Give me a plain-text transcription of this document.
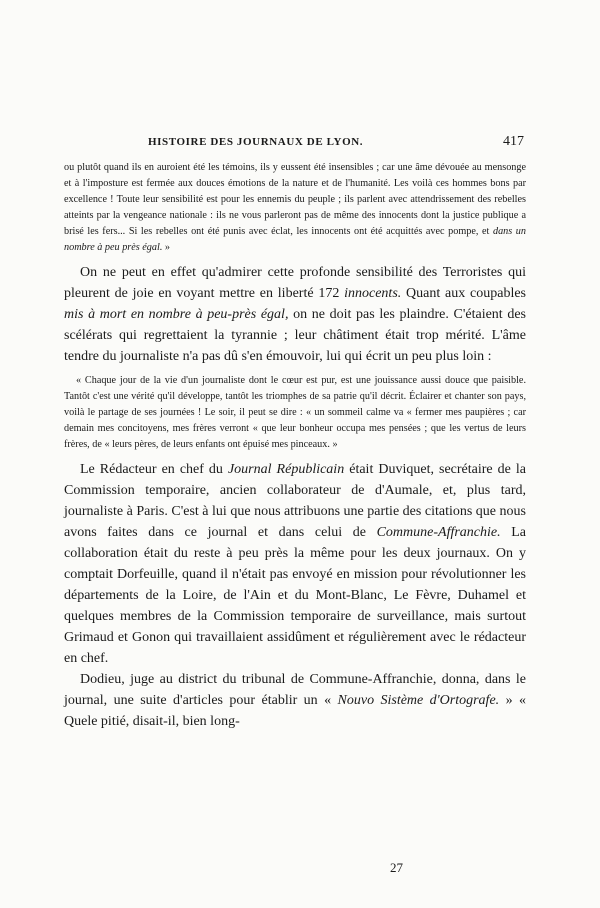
HISTOIRE DES JOURNAUX DE LYON.	417

ou plutôt quand ils en auroient été les témoins, ils y eussent été insensibles ; car une âme dévouée au mensonge et à l'imposture est fermée aux douces émotions de la nature et de l'humanité. Les voilà ces hommes bons par excellence ! Toute leur sensibilité est pour les ennemis du peuple ; ils parlent avec attendrissement des rebelles atteints par la vengeance nationale : ils ne vous parleront pas de même des innocents dont la justice publique a brisé les fers... Si les rebelles ont été punis avec éclat, les innocents ont été acquittés avec pompe, et dans un nombre à peu près égal. »

On ne peut en effet qu'admirer cette profonde sensibilité des Terroristes qui pleurent de joie en voyant mettre en liberté 172 innocents. Quant aux coupables mis à mort en nombre à peu-près égal, on ne doit pas les plaindre. C'étaient des scélérats qui regrettaient la tyrannie ; leur châtiment était trop mérité. L'âme tendre du journaliste n'a pas dû s'en émouvoir, lui qui écrit un peu plus loin :

« Chaque jour de la vie d'un journaliste dont le cœur est pur, est une jouissance aussi douce que paisible. Tantôt c'est une vérité qu'il développe, tantôt les triomphes de sa patrie qu'il décrit. Éclairer et chanter son pays, voilà le partage de ses journées ! Le soir, il peut se dire : « un sommeil calme va « fermer mes paupières ; car demain mes concitoyens, mes frères verront « que leur bonheur occupa mes pensées ; que les vertus de leurs frères, de « leurs pères, de leurs enfants ont épuisé mes pinceaux. »

Le Rédacteur en chef du Journal Républicain était Duviquet, secrétaire de la Commission temporaire, ancien collaborateur de d'Aumale, et, plus tard, journaliste à Paris. C'est à lui que nous attribuons une partie des citations que nous avons faites dans ce journal et dans celui de Commune-Affranchie. La collaboration était du reste à peu près la même pour les deux journaux. On y comptait Dorfeuille, quand il n'était pas envoyé en mission pour révolutionner les départements de la Loire, de l'Ain et du Mont-Blanc, Le Fèvre, Duhamel et quelques membres de la Commission temporaire de surveillance, mais surtout Grimaud et Gonon qui travaillaient assidûment et régulièrement avec le rédacteur en chef.

Dodieu, juge au district du tribunal de Commune-Affranchie, donna, dans le journal, une suite d'articles pour établir un « Nouvo Sistème d'Ortografe. » « Quele pitié, disait-il, bien long-

27
